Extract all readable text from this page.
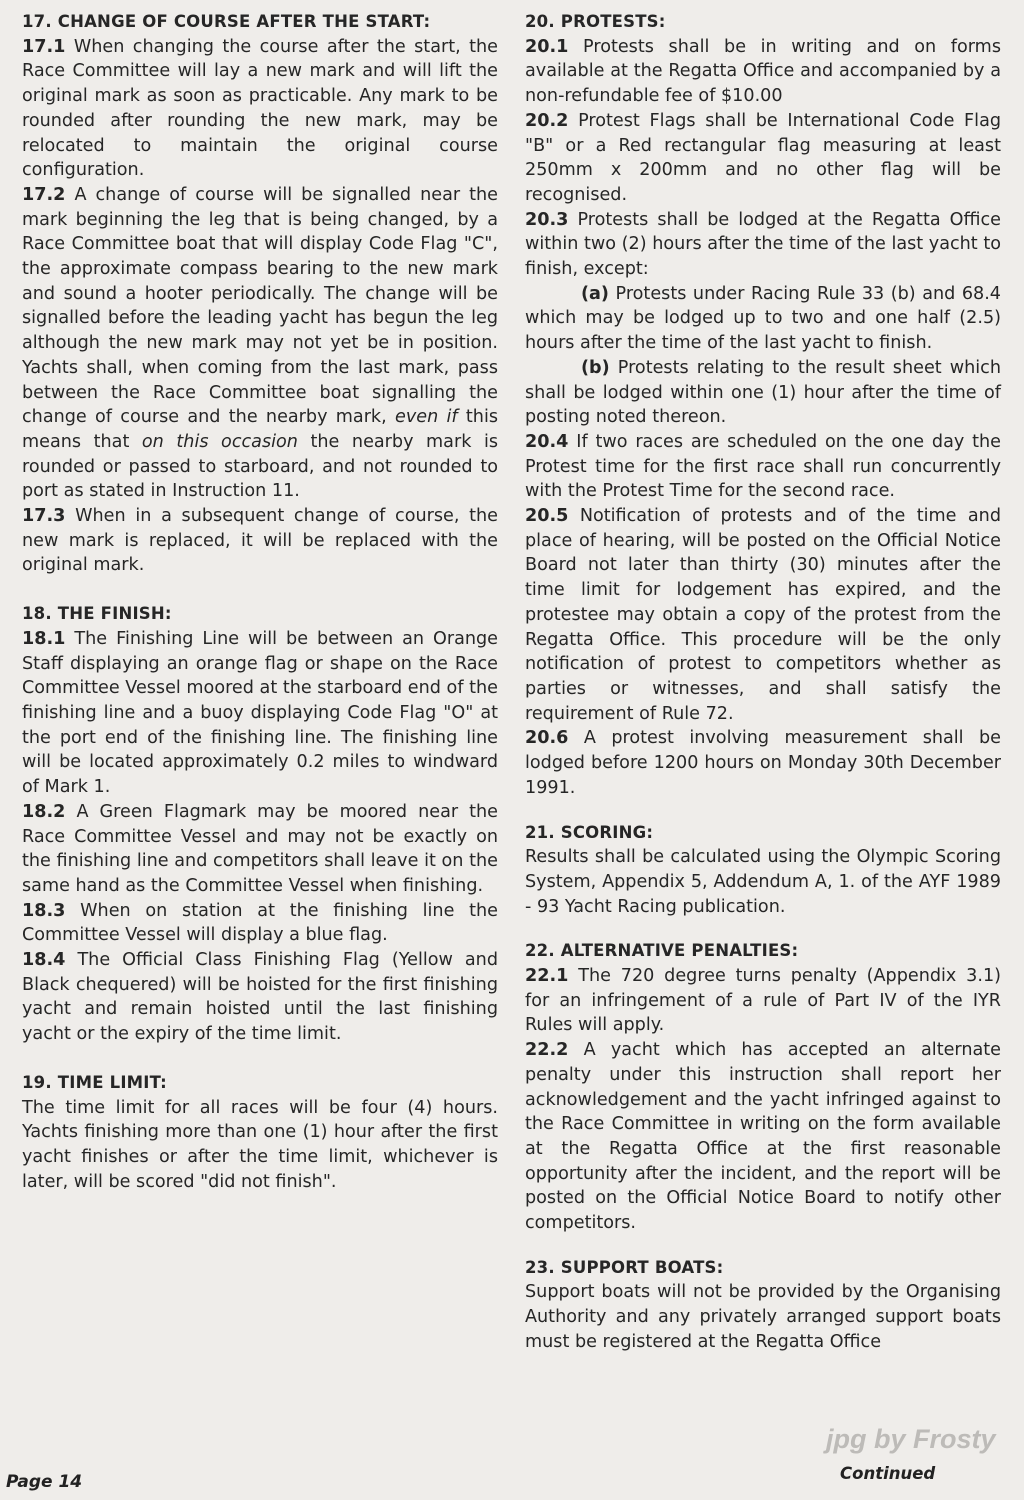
17. CHANGE OF COURSE AFTER THE START:

17.1 When changing the course after the start, the Race Committee will lay a new mark and will lift the original mark as soon as practicable. Any mark to be rounded after rounding the new mark, may be relocated to maintain the original course configuration.

17.2 A change of course will be signalled near the mark beginning the leg that is being changed, by a Race Committee boat that will display Code Flag "C", the approximate compass bearing to the new mark and sound a hooter periodically. The change will be signalled before the leading yacht has begun the leg although the new mark may not yet be in position. Yachts shall, when coming from the last mark, pass between the Race Committee boat signalling the change of course and the nearby mark, even if this means that on this occasion the nearby mark is rounded or passed to starboard, and not rounded to port as stated in Instruction 11.

17.3 When in a subsequent change of course, the new mark is replaced, it will be replaced with the original mark.

18. THE FINISH:

18.1 The Finishing Line will be between an Orange Staff displaying an orange flag or shape on the Race Committee Vessel moored at the starboard end of the finishing line and a buoy displaying Code Flag "O" at the port end of the finishing line. The finishing line will be located approximately 0.2 miles to windward of Mark 1.

18.2 A Green Flagmark may be moored near the Race Committee Vessel and may not be exactly on the finishing line and competitors shall leave it on the same hand as the Committee Vessel when finishing.

18.3 When on station at the finishing line the Committee Vessel will display a blue flag.

18.4 The Official Class Finishing Flag (Yellow and Black chequered) will be hoisted for the first finishing yacht and remain hoisted until the last finishing yacht or the expiry of the time limit.

19. TIME LIMIT:

The time limit for all races will be four (4) hours. Yachts finishing more than one (1) hour after the first yacht finishes or after the time limit, whichever is later, will be scored "did not finish".

20. PROTESTS:

20.1 Protests shall be in writing and on forms available at the Regatta Office and accompanied by a non-refundable fee of $10.00

20.2 Protest Flags shall be International Code Flag "B" or a Red rectangular flag measuring at least 250mm x 200mm and no other flag will be recognised.

20.3 Protests shall be lodged at the Regatta Office within two (2) hours after the time of the last yacht to finish, except:

(a) Protests under Racing Rule 33 (b) and 68.4 which may be lodged up to two and one half (2.5) hours after the time of the last yacht to finish.

(b) Protests relating to the result sheet which shall be lodged within one (1) hour after the time of posting noted thereon.

20.4 If two races are scheduled on the one day the Protest time for the first race shall run concurrently with the Protest Time for the second race.

20.5 Notification of protests and of the time and place of hearing, will be posted on the Official Notice Board not later than thirty (30) minutes after the time limit for lodgement has expired, and the protestee may obtain a copy of the protest from the Regatta Office. This procedure will be the only notification of protest to competitors whether as parties or witnesses, and shall satisfy the requirement of Rule 72.

20.6 A protest involving measurement shall be lodged before 1200 hours on Monday 30th December 1991.

21. SCORING:

Results shall be calculated using the Olympic Scoring System, Appendix 5, Addendum A, 1. of the AYF 1989 - 93 Yacht Racing publication.

22. ALTERNATIVE PENALTIES:

22.1 The 720 degree turns penalty (Appendix 3.1) for an infringement of a rule of Part IV of the IYR Rules will apply.

22.2 A yacht which has accepted an alternate penalty under this instruction shall report her acknowledgement and the yacht infringed against to the Race Committee in writing on the form available at the Regatta Office at the first reasonable opportunity after the incident, and the report will be posted on the Official Notice Board to notify other competitors.

23. SUPPORT BOATS:

Support boats will not be provided by the Organising Authority and any privately arranged support boats must be registered at the Regatta Office

jpg by Frosty
Page 14	Continued
